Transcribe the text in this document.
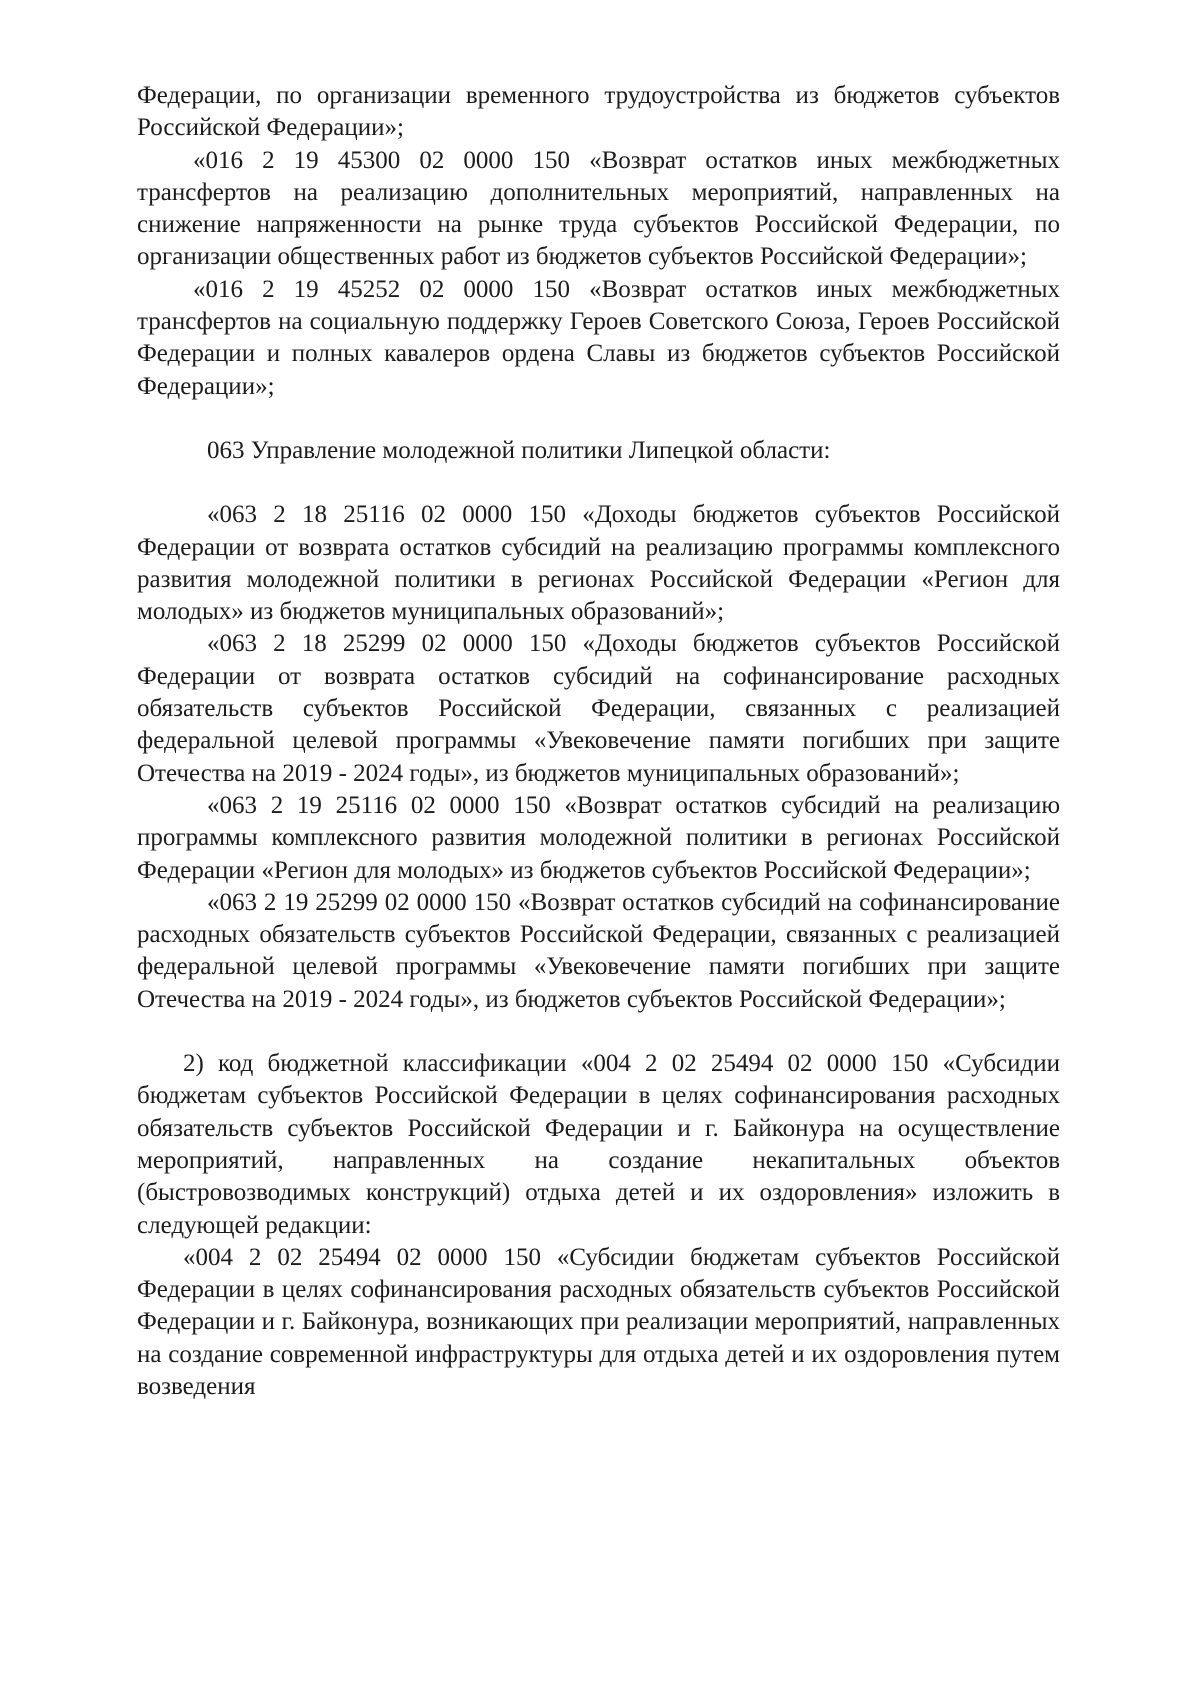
Федерации, по организации временного трудоустройства из бюджетов субъектов Российской Федерации»;

«016 2 19 45300 02 0000 150 «Возврат остатков иных межбюджетных трансфертов на реализацию дополнительных мероприятий, направленных на снижение напряженности на рынке труда субъектов Российской Федерации, по организации общественных работ из бюджетов субъектов Российской Федерации»;

«016 2 19 45252 02 0000 150 «Возврат остатков иных межбюджетных трансфертов на социальную поддержку Героев Советского Союза, Героев Российской Федерации и полных кавалеров ордена Славы из бюджетов субъектов Российской Федерации»;

063 Управление молодежной политики Липецкой области:

«063 2 18 25116 02 0000 150 «Доходы бюджетов субъектов Российской Федерации от возврата остатков субсидий на реализацию программы комплексного развития молодежной политики в регионах Российской Федерации «Регион для молодых» из бюджетов муниципальных образований»;

«063 2 18 25299 02 0000 150 «Доходы бюджетов субъектов Российской Федерации от возврата остатков субсидий на софинансирование расходных обязательств субъектов Российской Федерации, связанных с реализацией федеральной целевой программы «Увековечение памяти погибших при защите Отечества на 2019 - 2024 годы», из бюджетов муниципальных образований»;

«063 2 19 25116 02 0000 150 «Возврат остатков субсидий на реализацию программы комплексного развития молодежной политики в регионах Российской Федерации «Регион для молодых» из бюджетов субъектов Российской Федерации»;

«063 2 19 25299 02 0000 150 «Возврат остатков субсидий на софинансирование расходных обязательств субъектов Российской Федерации, связанных с реализацией федеральной целевой программы «Увековечение памяти погибших при защите Отечества на 2019 - 2024 годы», из бюджетов субъектов Российской Федерации»;

2) код бюджетной классификации «004 2 02 25494 02 0000 150 «Субсидии бюджетам субъектов Российской Федерации в целях софинансирования расходных обязательств субъектов Российской Федерации и г. Байконура на осуществление мероприятий, направленных на создание некапитальных объектов (быстровозводимых конструкций) отдыха детей и их оздоровления» изложить в следующей редакции:

«004 2 02 25494 02 0000 150 «Субсидии бюджетам субъектов Российской Федерации в целях софинансирования расходных обязательств субъектов Российской Федерации и г. Байконура, возникающих при реализации мероприятий, направленных на создание современной инфраструктуры для отдыха детей и их оздоровления путем возведения
